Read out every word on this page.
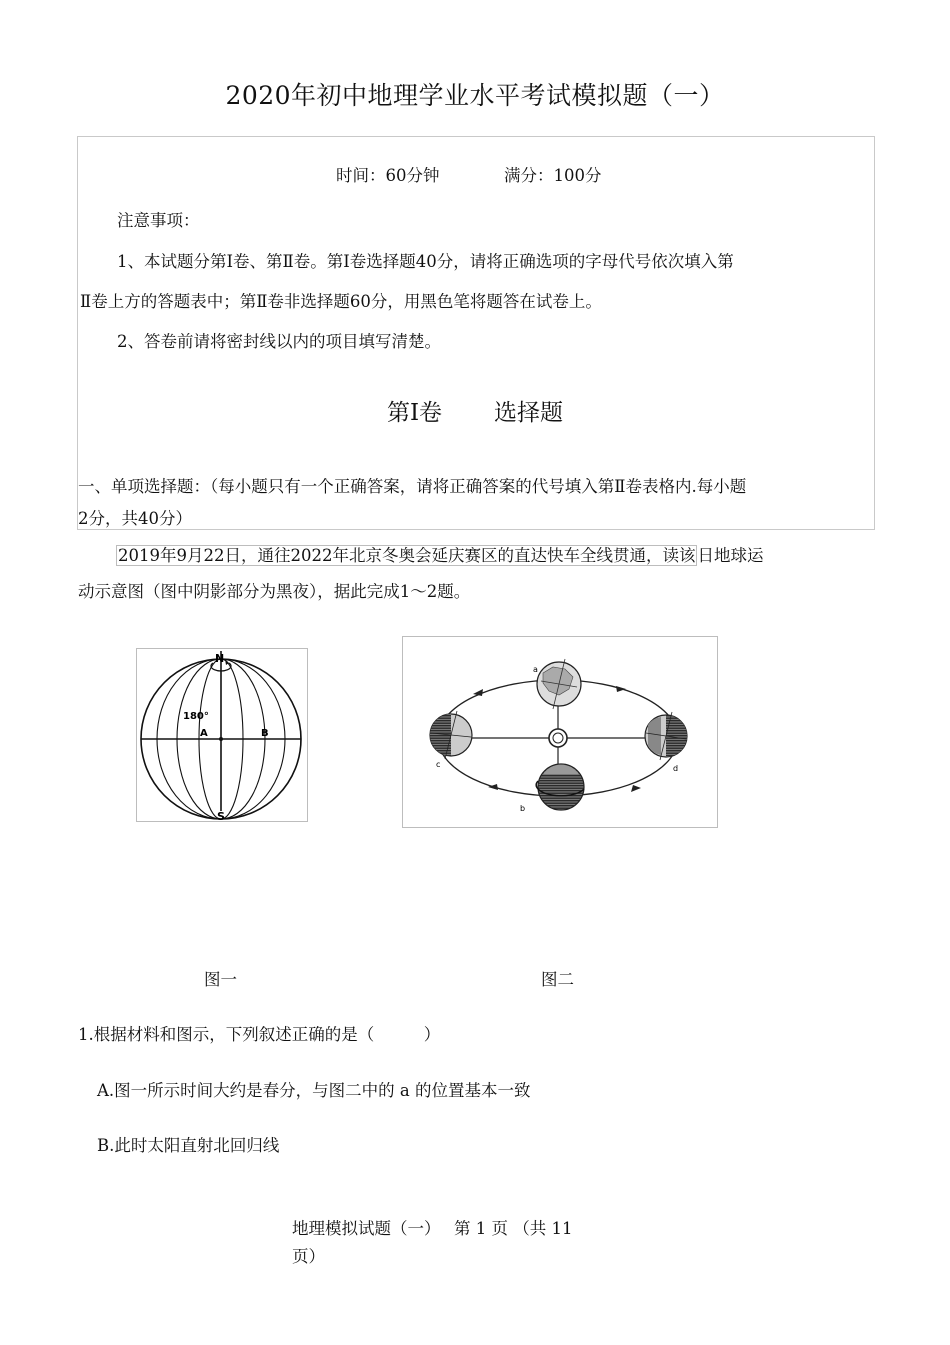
2020年初中地理学业水平考试模拟题（一）
时间：60分钟	满分：100分
注意事项：
1、本试题分第Ⅰ卷、第Ⅱ卷。第Ⅰ卷选择题40分，请将正确选项的字母代号依次填入第
Ⅱ卷上方的答题表中；第Ⅱ卷非选择题60分，用黑色笔将题答在试卷上。
2、答卷前请将密封线以内的项目填写清楚。
第Ⅰ卷 选择题
一、单项选择题：（每小题只有一个正确答案，请将正确答案的代号填入第Ⅱ卷表格内.每小题
2分，共40分）
2019年9月22日，通往2022年北京冬奥会延庆赛区的直达快车全线贯通，读该 日地球运
动示意图（图中阴影部分为黑夜），据此完成1～2题。
N
S
180°
A	B
a
b
c	d
图一	图二
1.根据材料和图示，下列叙述正确的是（　　　）
A.图一所示时间大约是春分，与图二中的 a 的位置基本一致
B.此时太阳直射北回归线
地理模拟试题（一）　 第 1 页 （共 11
页）
